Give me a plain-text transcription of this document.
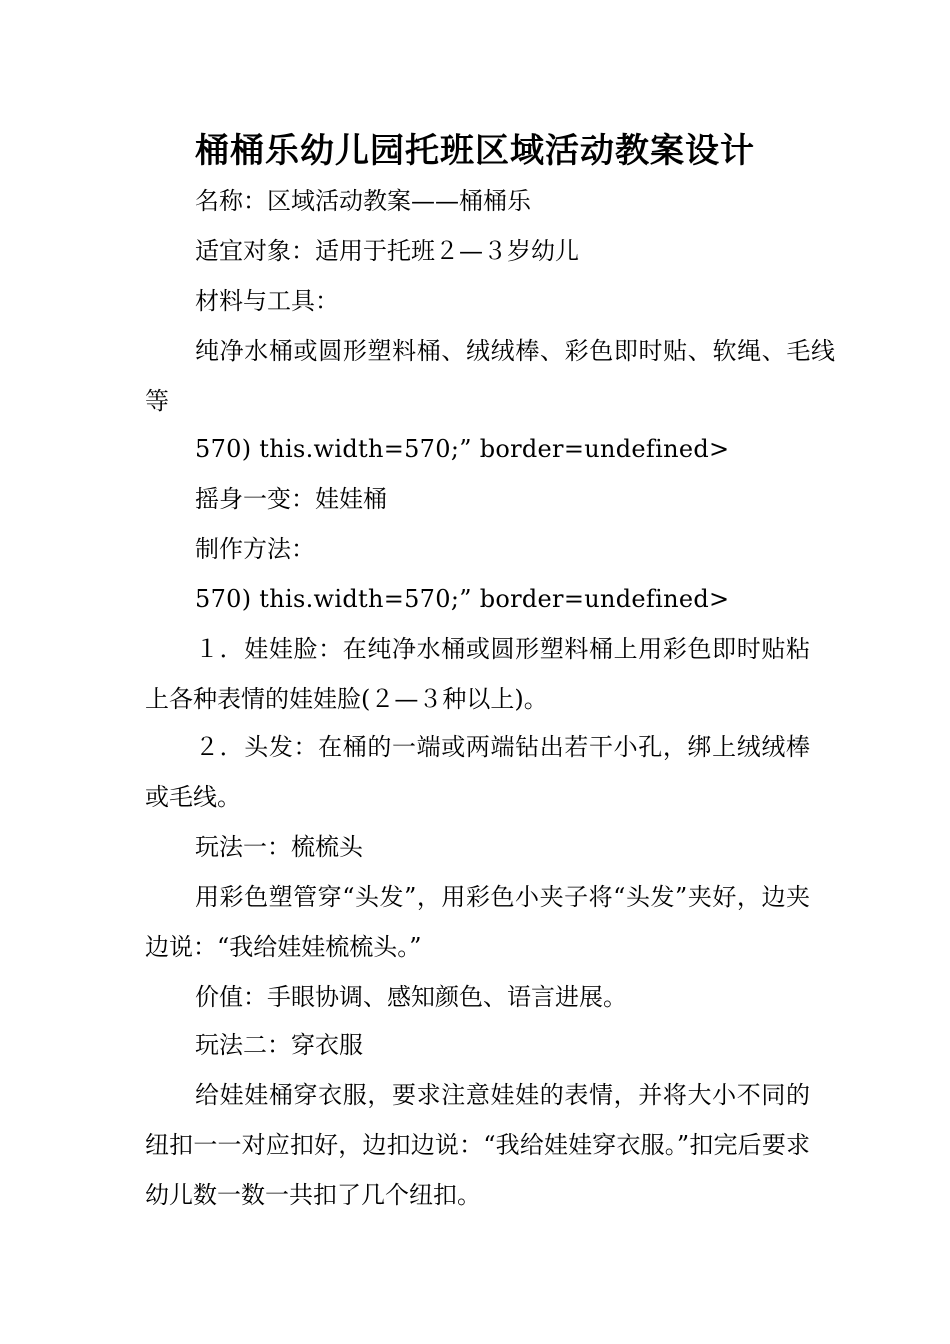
桶桶乐幼儿园托班区域活动教案设计
名称：区域活动教案——桶桶乐
适宜对象：适用于托班２—３岁幼儿
材料与工具：
纯净水桶或圆形塑料桶、绒绒棒、彩色即时贴、软绳、毛线等
570) this.width=570;” border=undefined>
摇身一变：娃娃桶
制作方法：
570) this.width=570;” border=undefined>
１．娃娃脸：在纯净水桶或圆形塑料桶上用彩色即时贴粘上各种表情的娃娃脸(２—３种以上)。
２．头发：在桶的一端或两端钻出若干小孔，绑上绒绒棒或毛线。
玩法一：梳梳头
用彩色塑管穿“头发”，用彩色小夹子将“头发”夹好，边夹边说：“我给娃娃梳梳头。”
价值：手眼协调、感知颜色、语言进展。
玩法二：穿衣服
给娃娃桶穿衣服，要求注意娃娃的表情，并将大小不同的纽扣一一对应扣好，边扣边说：“我给娃娃穿衣服。”扣完后要求幼儿数一数一共扣了几个纽扣。
